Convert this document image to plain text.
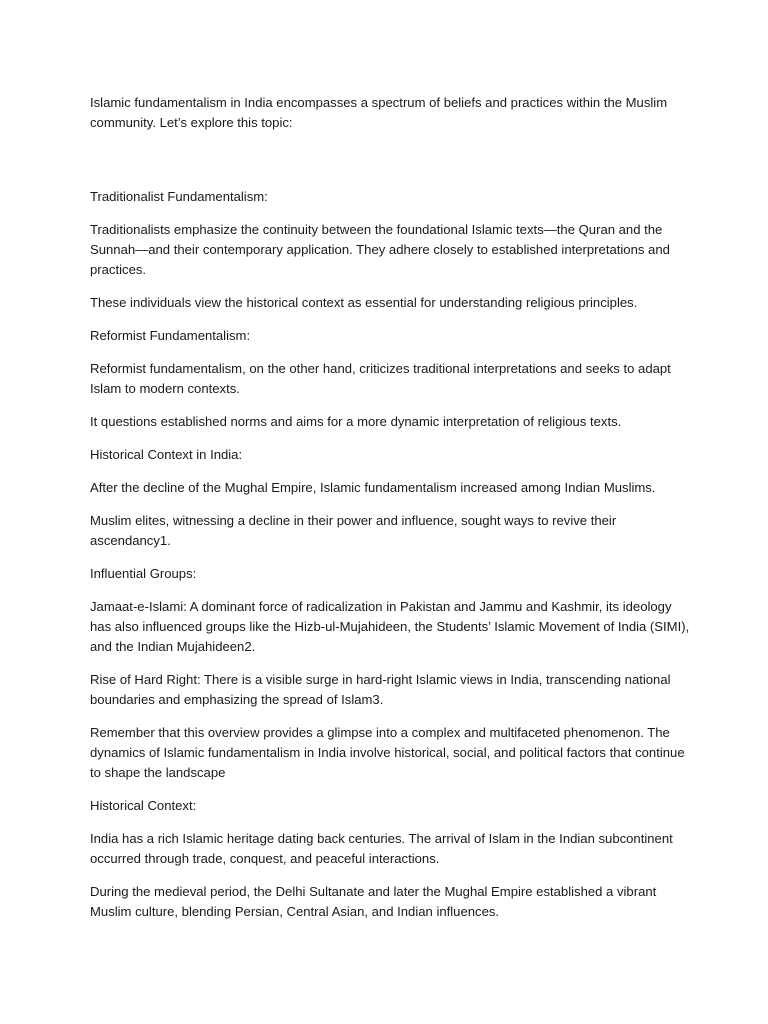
Islamic fundamentalism in India encompasses a spectrum of beliefs and practices within the Muslim community. Let’s explore this topic:

Traditionalist Fundamentalism:

Traditionalists emphasize the continuity between the foundational Islamic texts—the Quran and the Sunnah—and their contemporary application. They adhere closely to established interpretations and practices.

These individuals view the historical context as essential for understanding religious principles.

Reformist Fundamentalism:

Reformist fundamentalism, on the other hand, criticizes traditional interpretations and seeks to adapt Islam to modern contexts.

It questions established norms and aims for a more dynamic interpretation of religious texts.

Historical Context in India:

After the decline of the Mughal Empire, Islamic fundamentalism increased among Indian Muslims.

Muslim elites, witnessing a decline in their power and influence, sought ways to revive their ascendancy1.

Influential Groups:

Jamaat-e-Islami: A dominant force of radicalization in Pakistan and Jammu and Kashmir, its ideology has also influenced groups like the Hizb-ul-Mujahideen, the Students’ Islamic Movement of India (SIMI), and the Indian Mujahideen2.

Rise of Hard Right: There is a visible surge in hard-right Islamic views in India, transcending national boundaries and emphasizing the spread of Islam3.

Remember that this overview provides a glimpse into a complex and multifaceted phenomenon. The dynamics of Islamic fundamentalism in India involve historical, social, and political factors that continue to shape the landscape

Historical Context:

India has a rich Islamic heritage dating back centuries. The arrival of Islam in the Indian subcontinent occurred through trade, conquest, and peaceful interactions.

During the medieval period, the Delhi Sultanate and later the Mughal Empire established a vibrant Muslim culture, blending Persian, Central Asian, and Indian influences.
